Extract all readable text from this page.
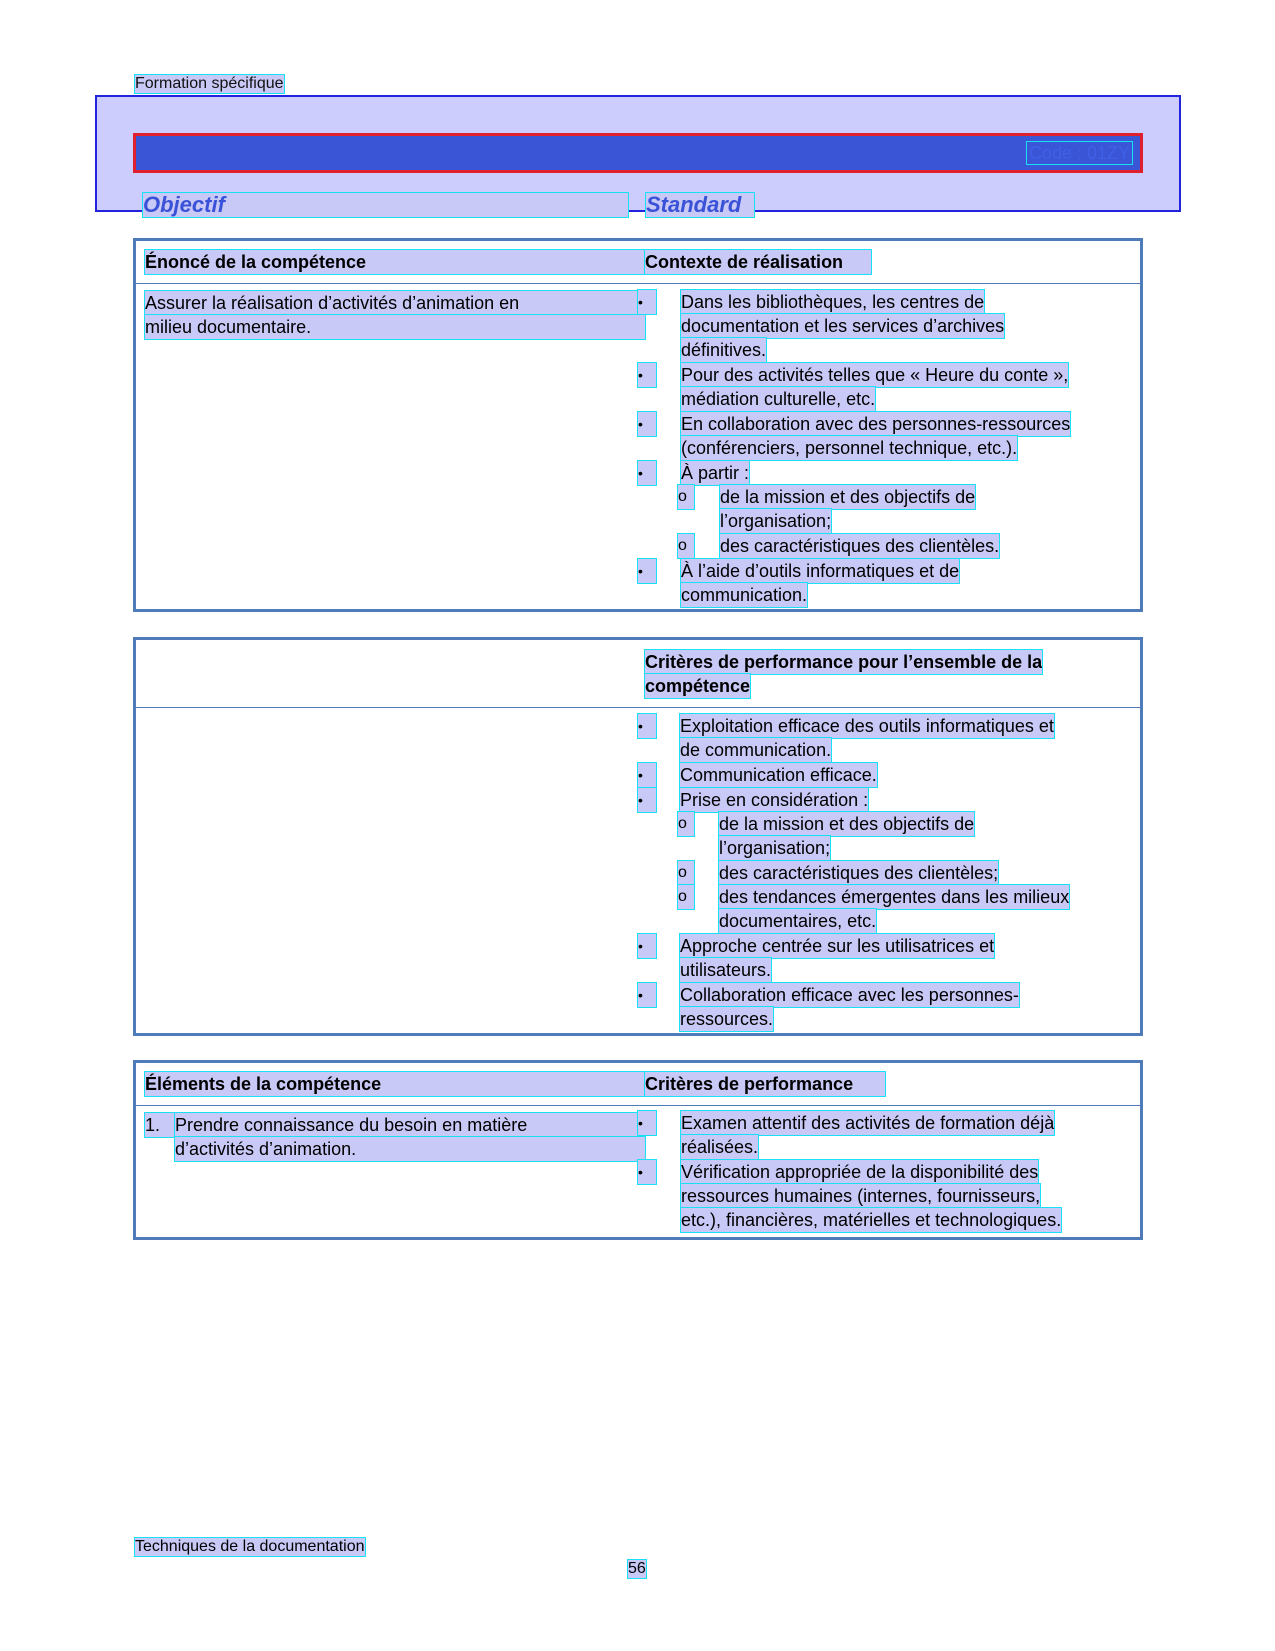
Formation spécifique
Code : 01ZY
Objectif	Standard
Énoncé de la compétence	Contexte de réalisation
Assurer la réalisation d’activités d’animation en
milieu documentaire.
•	Dans les bibliothèques, les centres de
documentation et les services d’archives
définitives.
•	Pour des activités telles que « Heure du conte »,
médiation culturelle, etc.
•	En collaboration avec des personnes-ressources
(conférenciers, personnel technique, etc.).
•	À partir :
o	de la mission et des objectifs de
l’organisation;
o	des caractéristiques des clientèles.
•	À l’aide d’outils informatiques et de
communication.
Critères de performance pour l’ensemble de la
compétence
•	Exploitation efficace des outils informatiques et
de communication.
•	Communication efficace.
•	Prise en considération :
o	de la mission et des objectifs de
l’organisation;
o	des caractéristiques des clientèles;
o	des tendances émergentes dans les milieux
documentaires, etc.
•	Approche centrée sur les utilisatrices et
utilisateurs.
•	Collaboration efficace avec les personnes-
ressources.
Éléments de la compétence	Critères de performance
1. Prendre connaissance du besoin en matière
d’activités d’animation.
•	Examen attentif des activités de formation déjà
réalisées.
•	Vérification appropriée de la disponibilité des
ressources humaines (internes, fournisseurs,
etc.), financières, matérielles et technologiques.
Techniques de la documentation
56
